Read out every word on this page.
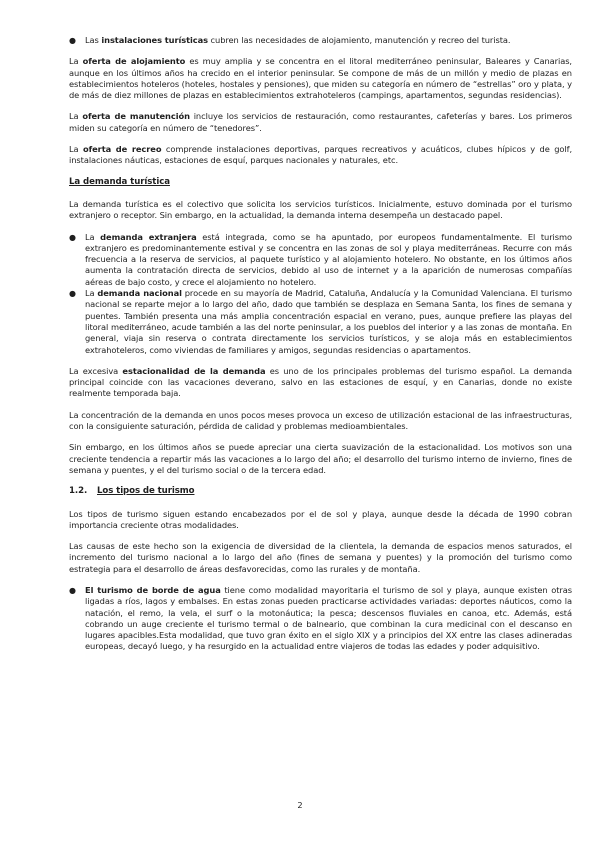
● Las instalaciones turísticas cubren las necesidades de alojamiento, manutención y recreo del turista.

La oferta de alojamiento es muy amplia y se concentra en el litoral mediterráneo peninsular, Baleares y Canarias, aunque en los últimos años ha crecido en el interior peninsular. Se compone de más de un millón y medio de plazas en establecimientos hoteleros (hoteles, hostales y pensiones), que miden su categoría en número de “estrellas” oro y plata, y de más de diez millones de plazas en establecimientos extrahoteleros (campings, apartamentos, segundas residencias).

La oferta de manutención incluye los servicios de restauración, como restaurantes, cafeterías y bares. Los primeros miden su categoría en número de “tenedores”.

La oferta de recreo comprende instalaciones deportivas, parques recreativos y acuáticos, clubes hípicos y de golf, instalaciones náuticas, estaciones de esquí, parques nacionales y naturales, etc.

La demanda turística

La demanda turística es el colectivo que solicita los servicios turísticos. Inicialmente, estuvo dominada por el turismo extranjero o receptor. Sin embargo, en la actualidad, la demanda interna desempeña un destacado papel.

● La demanda extranjera está integrada, como se ha apuntado, por europeos fundamentalmente. El turismo extranjero es predominantemente estival y se concentra en las zonas de sol y playa mediterráneas. Recurre con más frecuencia a la reserva de servicios, al paquete turístico y al alojamiento hotelero. No obstante, en los últimos años aumenta la contratación directa de servicios, debido al uso de internet y a la aparición de numerosas compañías aéreas de bajo costo, y crece el alojamiento no hotelero.
● La demanda nacional procede en su mayoría de Madrid, Cataluña, Andalucía y la Comunidad Valenciana. El turismo nacional se reparte mejor a lo largo del año, dado que también se desplaza en Semana Santa, los fines de semana y puentes. También presenta una más amplia concentración espacial en verano, pues, aunque prefiere las playas del litoral mediterráneo, acude también a las del norte peninsular, a los pueblos del interior y a las zonas de montaña. En general, viaja sin reserva o contrata directamente los servicios turísticos, y se aloja más en establecimientos extrahoteleros, como viviendas de familiares y amigos, segundas residencias o apartamentos.

La excesiva estacionalidad de la demanda es uno de los principales problemas del turismo español. La demanda principal coincide con las vacaciones deverano, salvo en las estaciones de esquí, y en Canarias, donde no existe realmente temporada baja.

La concentración de la demanda en unos pocos meses provoca un exceso de utilización estacional de las infraestructuras, con la consiguiente saturación, pérdida de calidad y problemas medioambientales.

Sin embargo, en los últimos años se puede apreciar una cierta suavización de la estacionalidad. Los motivos son una creciente tendencia a repartir más las vacaciones a lo largo del año; el desarrollo del turismo interno de invierno, fines de semana y puentes, y el del turismo social o de la tercera edad.

1.2. Los tipos de turismo

Los tipos de turismo siguen estando encabezados por el de sol y playa, aunque desde la década de 1990 cobran importancia creciente otras modalidades.

Las causas de este hecho son la exigencia de diversidad de la clientela, la demanda de espacios menos saturados, el incremento del turismo nacional a lo largo del año (fines de semana y puentes) y la promoción del turismo como estrategia para el desarrollo de áreas desfavorecidas, como las rurales y de montaña.

● El turismo de borde de agua tiene como modalidad mayoritaria el turismo de sol y playa, aunque existen otras ligadas a ríos, lagos y embalses. En estas zonas pueden practicarse actividades variadas: deportes náuticos, como la natación, el remo, la vela, el surf o la motonáutica; la pesca; descensos fluviales en canoa, etc. Además, está cobrando un auge creciente el turismo termal o de balneario, que combinan la cura medicinal con el descanso en lugares apacibles.Esta modalidad, que tuvo gran éxito en el siglo XIX y a principios del XX entre las clases adineradas europeas, decayó luego, y ha resurgido en la actualidad entre viajeros de todas las edades y poder adquisitivo.
2
